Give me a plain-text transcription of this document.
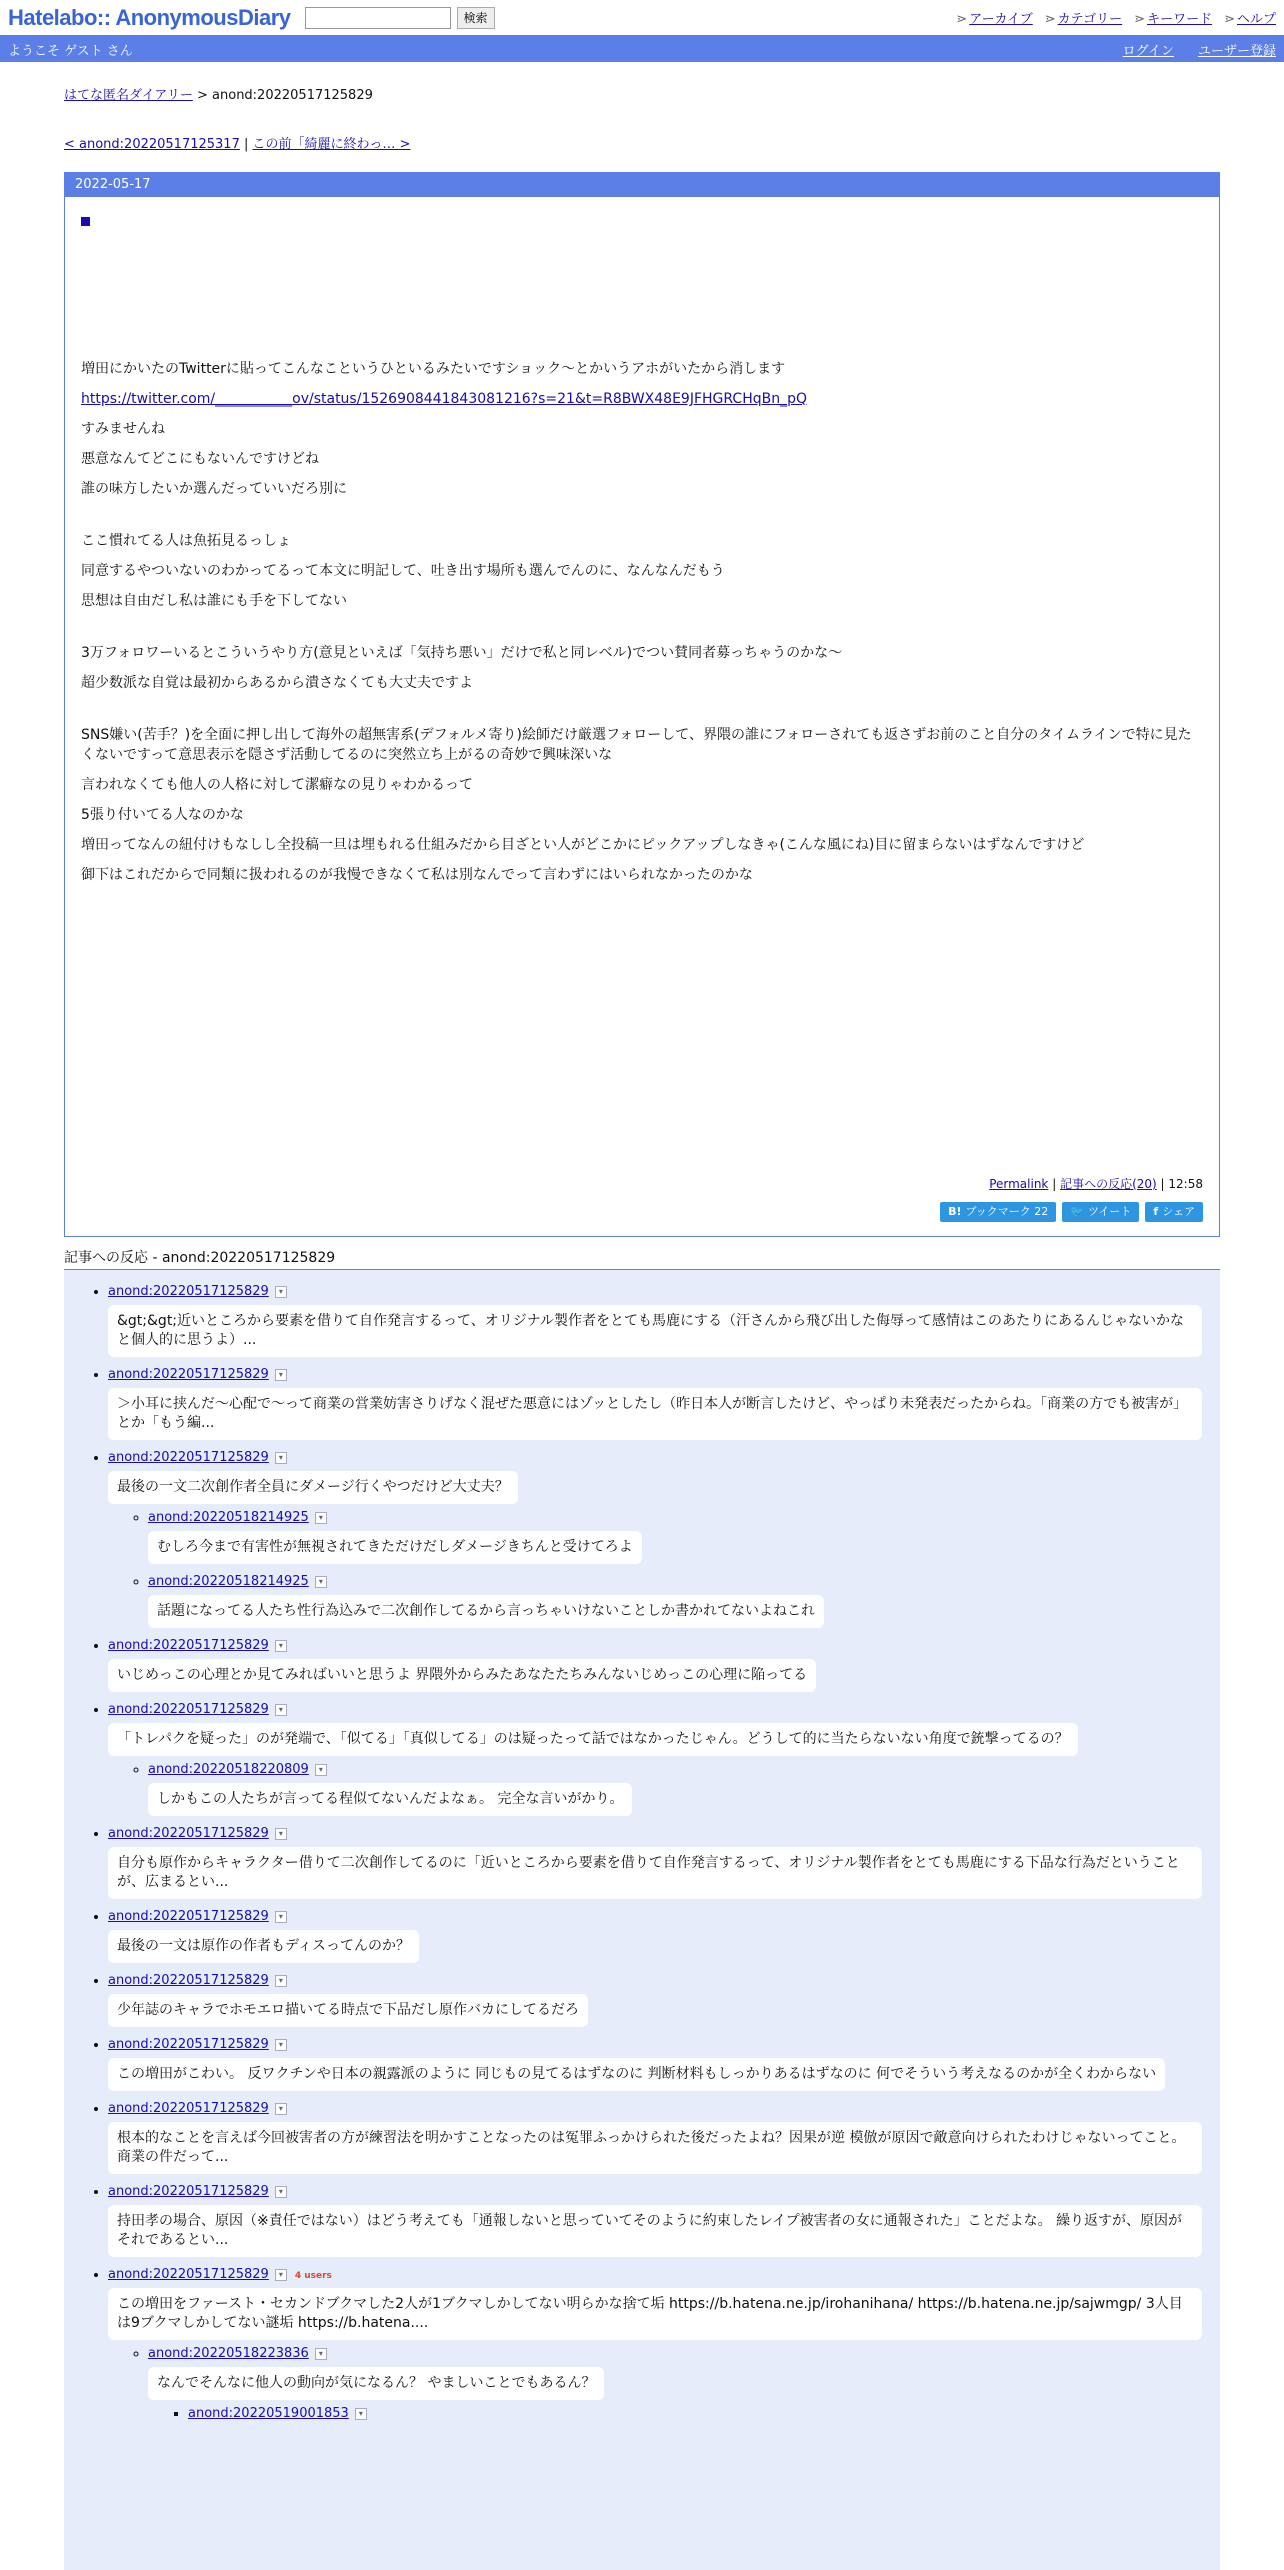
Hatelabo:: AnonymousDiary	検索	⋗ アーカイブ	⋗ カテゴリー	⋗ キーワード	⋗ ヘルプ
ようこそ ゲスト さん	ログイン ユーザー登録
はてな匿名ダイアリー > anond:20220517125829
< anond:20220517125317 | この前「綺麗に終わっ… >
2022-05-17

増田にかいたのTwitterに貼ってこんなこというひといるみたいですショック〜とかいうアホがいたから消します

https://twitter.com/___________ov/status/1526908441843081216?s=21&t=R8BWX48E9JFHGRCHqBn_pQ

すみませんね

悪意なんてどこにもないんですけどね

誰の味方したいか選んだっていいだろ別に

ここ慣れてる人は魚拓見るっしょ

同意するやついないのわかってるって本文に明記して、吐き出す場所も選んでんのに、なんなんだもう

思想は自由だし私は誰にも手を下してない

3万フォロワーいるとこういうやり方(意見といえば「気持ち悪い」だけで私と同レベル)でつい賛同者募っちゃうのかな〜

超少数派な自覚は最初からあるから潰さなくても大丈夫ですよ

SNS嫌い(苦手？)を全面に押し出して海外の超無害系(デフォルメ寄り)絵師だけ厳選フォローして、界隈の誰にフォローされても返さずお前のこと自分のタイムラインで特に見たくないですって意思表示を隠さず活動してるのに突然立ち上がるの奇妙で興味深いな

言われなくても他人の人格に対して潔癖なの見りゃわかるって

5張り付いてる人なのかな

増田ってなんの紐付けもなしし全投稿一旦は埋もれる仕組みだから目ざとい人がどこかにピックアップしなきゃ(こんな風にね)目に留まらないはずなんですけど

御下はこれだからで同類に扱われるのが我慢できなくて私は別なんでって言わずにはいられなかったのかな

Permalink | 記事への反応(20) | 12:58
B! ブックマーク 22	🐦 ツイート	f シェア
記事への反応 - anond:20220517125829
• anond:20220517125829 ▾
&gt;&gt;近いところから要素を借りて自作発言するって、オリジナル製作者をとても馬鹿にする（汗さんから飛び出した侮辱って感情はこのあたりにあるんじゃないかなと個人的に思うよ）...
• anond:20220517125829 ▾
＞小耳に挟んだ〜心配で〜って商業の営業妨害さりげなく混ぜた悪意にはゾッとしたし（昨日本人が断言したけど、やっぱり未発表だったからね。「商業の方でも被害が」とか「もう編...
• anond:20220517125829 ▾
最後の一文二次創作者全員にダメージ行くやつだけど大丈夫？
◦ anond:20220518214925 ▾
むしろ今まで有害性が無視されてきただけだしダメージきちんと受けてろよ
◦ anond:20220518214925 ▾
話題になってる人たち性行為込みで二次創作してるから言っちゃいけないことしか書かれてないよねこれ
• anond:20220517125829 ▾
いじめっこの心理とか見てみればいいと思うよ 界隈外からみたあなたたちみんないじめっこの心理に陥ってる
• anond:20220517125829 ▾
「トレパクを疑った」のが発端で、「似てる」「真似してる」のは疑ったって話ではなかったじゃん。どうして的に当たらないない角度で銃撃ってるの？
◦ anond:20220518220809 ▾
しかもこの人たちが言ってる程似てないんだよなぁ。 完全な言いがかり。
• anond:20220517125829 ▾
自分も原作からキャラクター借りて二次創作してるのに「近いところから要素を借りて自作発言するって、オリジナル製作者をとても馬鹿にする下品な行為だということが、広まるとい...
• anond:20220517125829 ▾
最後の一文は原作の作者もディスってんのか？
• anond:20220517125829 ▾
少年誌のキャラでホモエロ描いてる時点で下品だし原作バカにしてるだろ
• anond:20220517125829 ▾
この増田がこわい。 反ワクチンや日本の親露派のように 同じもの見てるはずなのに 判断材料もしっかりあるはずなのに 何でそういう考えなるのかが全くわからない
• anond:20220517125829 ▾
根本的なことを言えば今回被害者の方が練習法を明かすことなったのは冤罪ふっかけられた後だったよね？因果が逆 模倣が原因で敵意向けられたわけじゃないってこと。 商業の件だって...
• anond:20220517125829 ▾
持田孝の場合、原因（※責任ではない）はどう考えても「通報しないと思っていてそのように約束したレイプ被害者の女に通報された」ことだよな。 繰り返すが、原因がそれであるとい...
• anond:20220517125829 ▾ 4 users
この増田をファースト・セカンドブクマした2人が1ブクマしかしてない明らかな捨て垢 https://b.hatena.ne.jp/irohanihana/ https://b.hatena.ne.jp/sajwmgp/ 3人目は9ブクマしかしてない謎垢 https://b.hatena....
◦ anond:20220518223836 ▾
なんでそんなに他人の動向が気になるん？ やましいことでもあるん？
▪ anond:20220519001853 ▾
